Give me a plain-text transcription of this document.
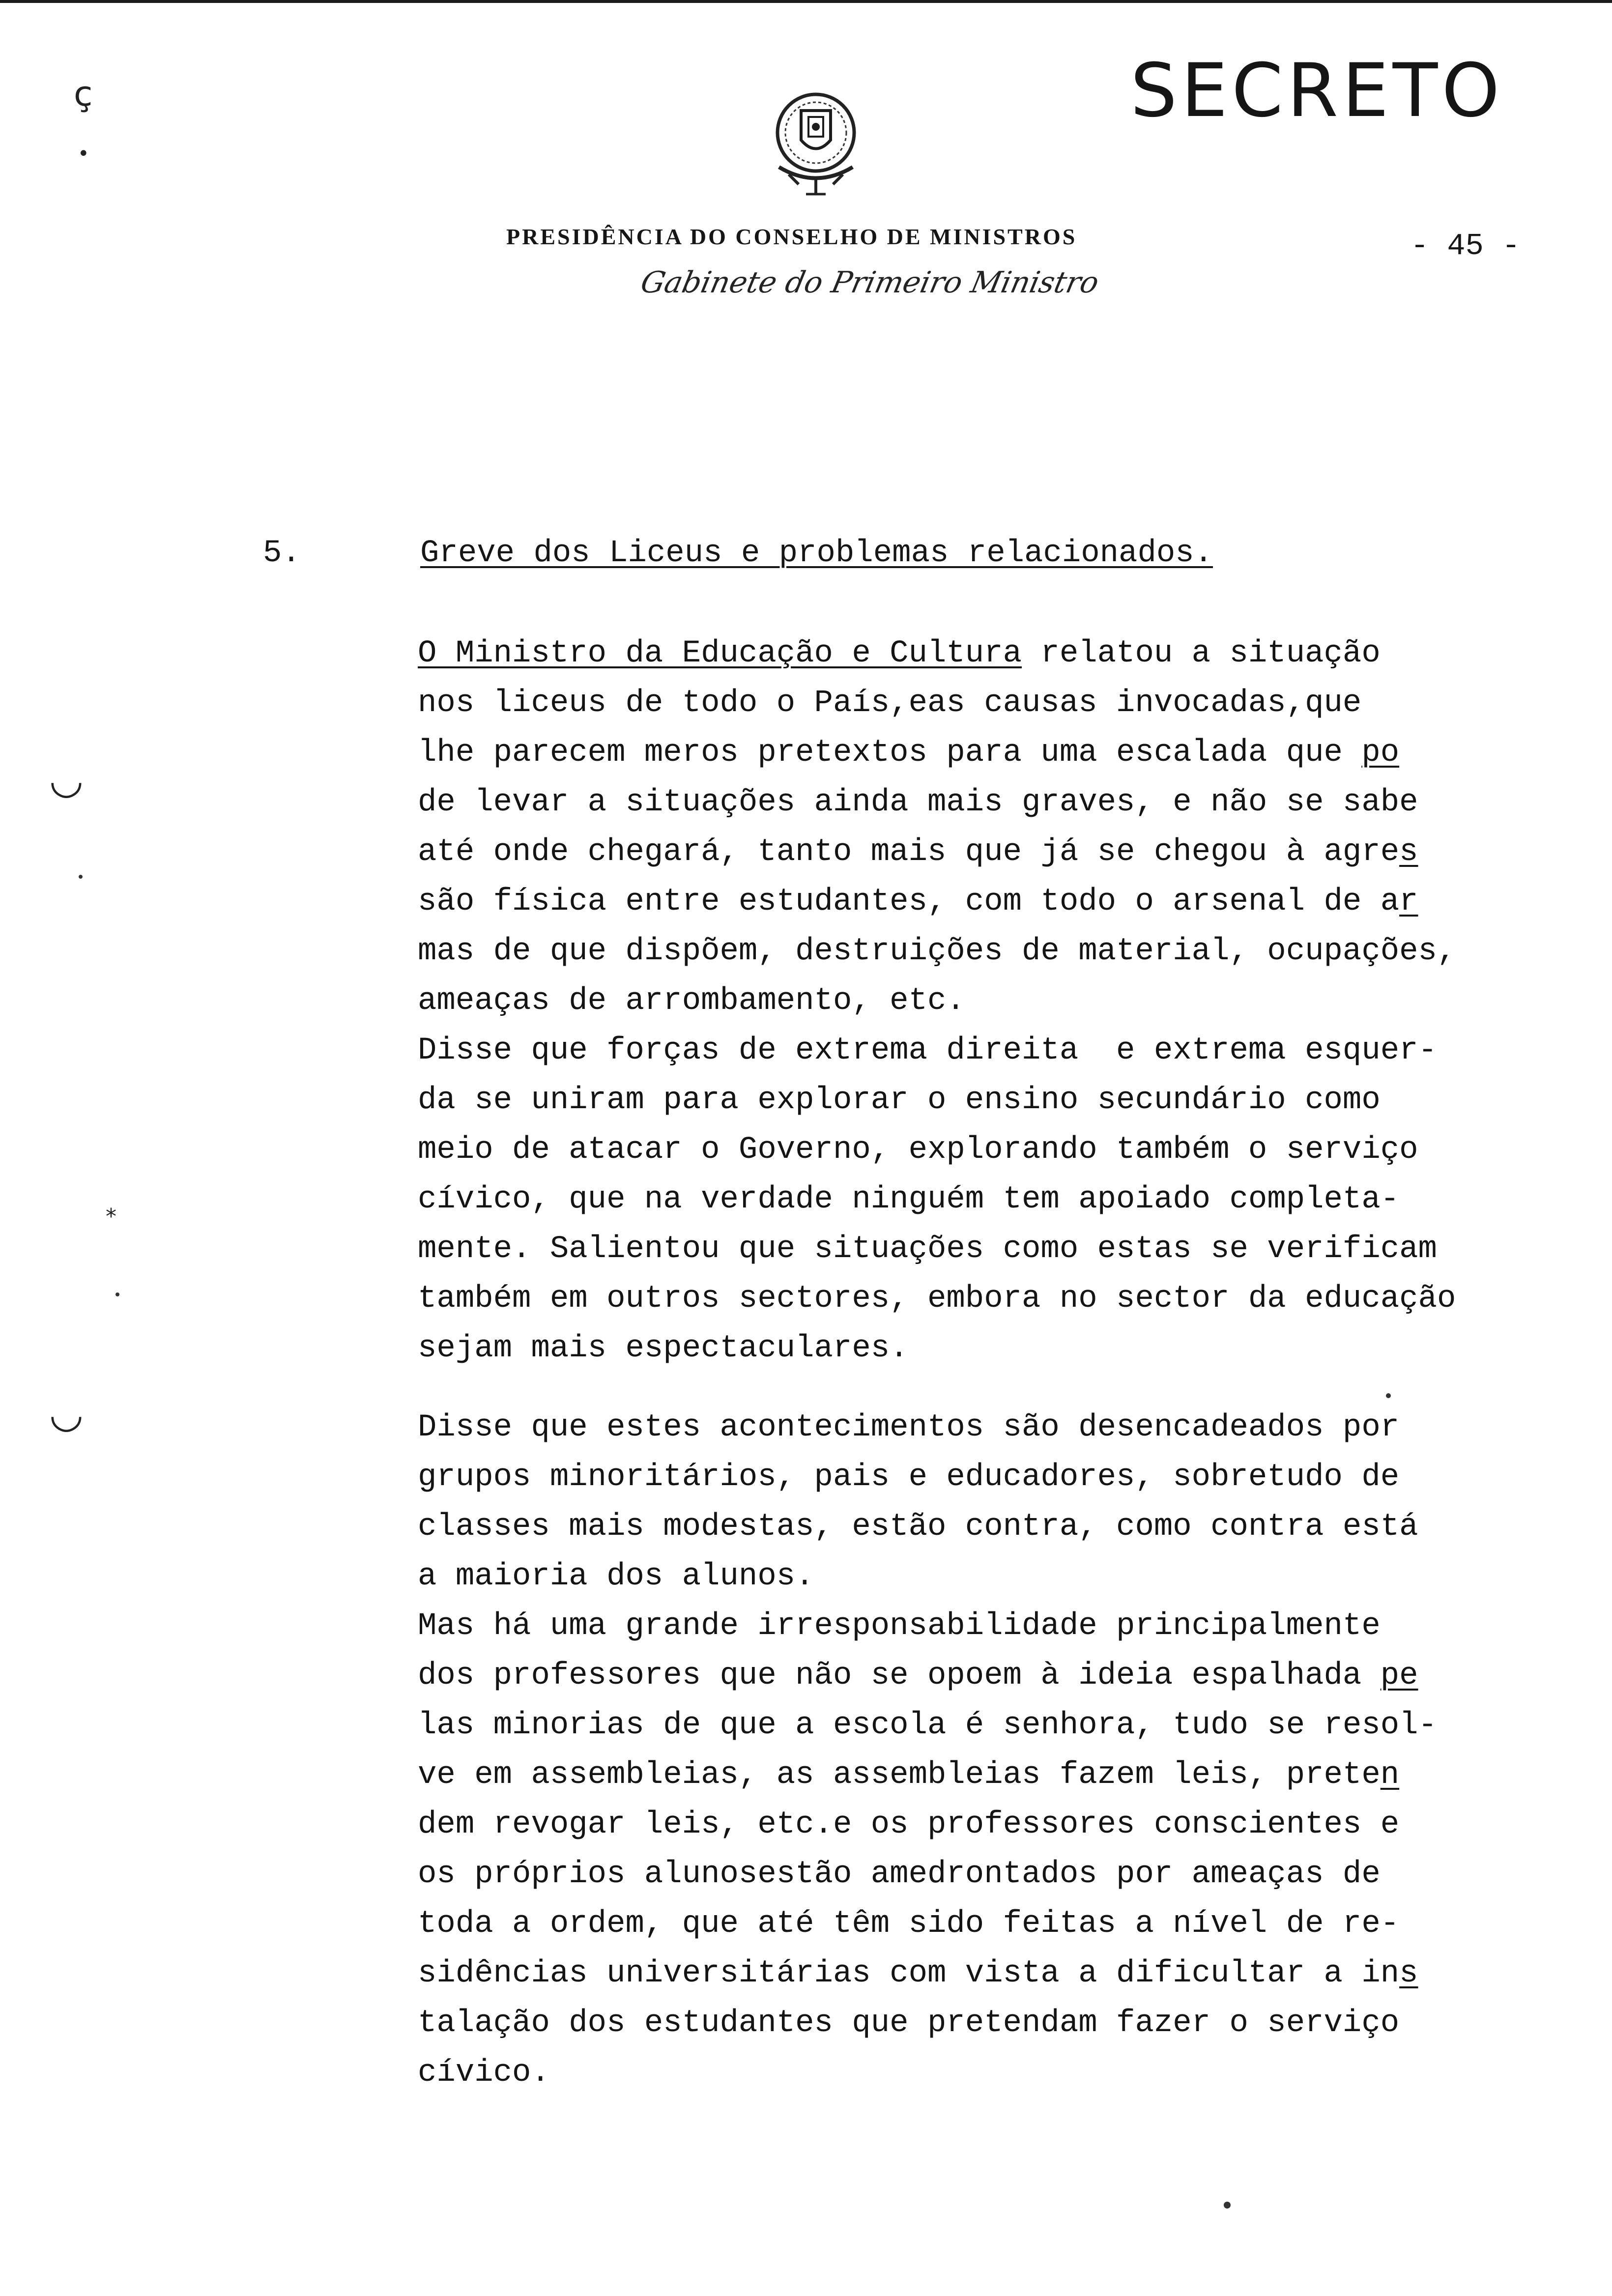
SECRETO
PRESIDÊNCIA DO CONSELHO DE MINISTROS
Gabinete do Primeiro Ministro
- 45 -
5.	Greve dos Liceus e problemas relacionados.
O Ministro da Educação e Cultura relatou a situação
nos liceus de todo o País,eas causas invocadas,que
lhe parecem meros pretextos para uma escalada que po
de levar a situações ainda mais graves, e não se sabe
até onde chegará, tanto mais que já se chegou à agres
são física entre estudantes, com todo o arsenal de ar
mas de que dispõem, destruições de material, ocupações,
ameaças de arrombamento, etc.
Disse que forças de extrema direita  e extrema esquer-
da se uniram para explorar o ensino secundário como
meio de atacar o Governo, explorando também o serviço
cívico, que na verdade ninguém tem apoiado completa-
mente. Salientou que situações como estas se verificam
também em outros sectores, embora no sector da educação
sejam mais espectaculares.
Disse que estes acontecimentos são desencadeados por
grupos minoritários, pais e educadores, sobretudo de
classes mais modestas, estão contra, como contra está
a maioria dos alunos.
Mas há uma grande irresponsabilidade principalmente
dos professores que não se opoem à ideia espalhada pe
las minorias de que a escola é senhora, tudo se resol-
ve em assembleias, as assembleias fazem leis, preten
dem revogar leis, etc.e os professores conscientes e
os próprios alunosestão amedrontados por ameaças de
toda a ordem, que até têm sido feitas a nível de re-
sidências universitárias com vista a dificultar a ins
talação dos estudantes que pretendam fazer o serviço
cívico.
ç
•
◡
◡
*
